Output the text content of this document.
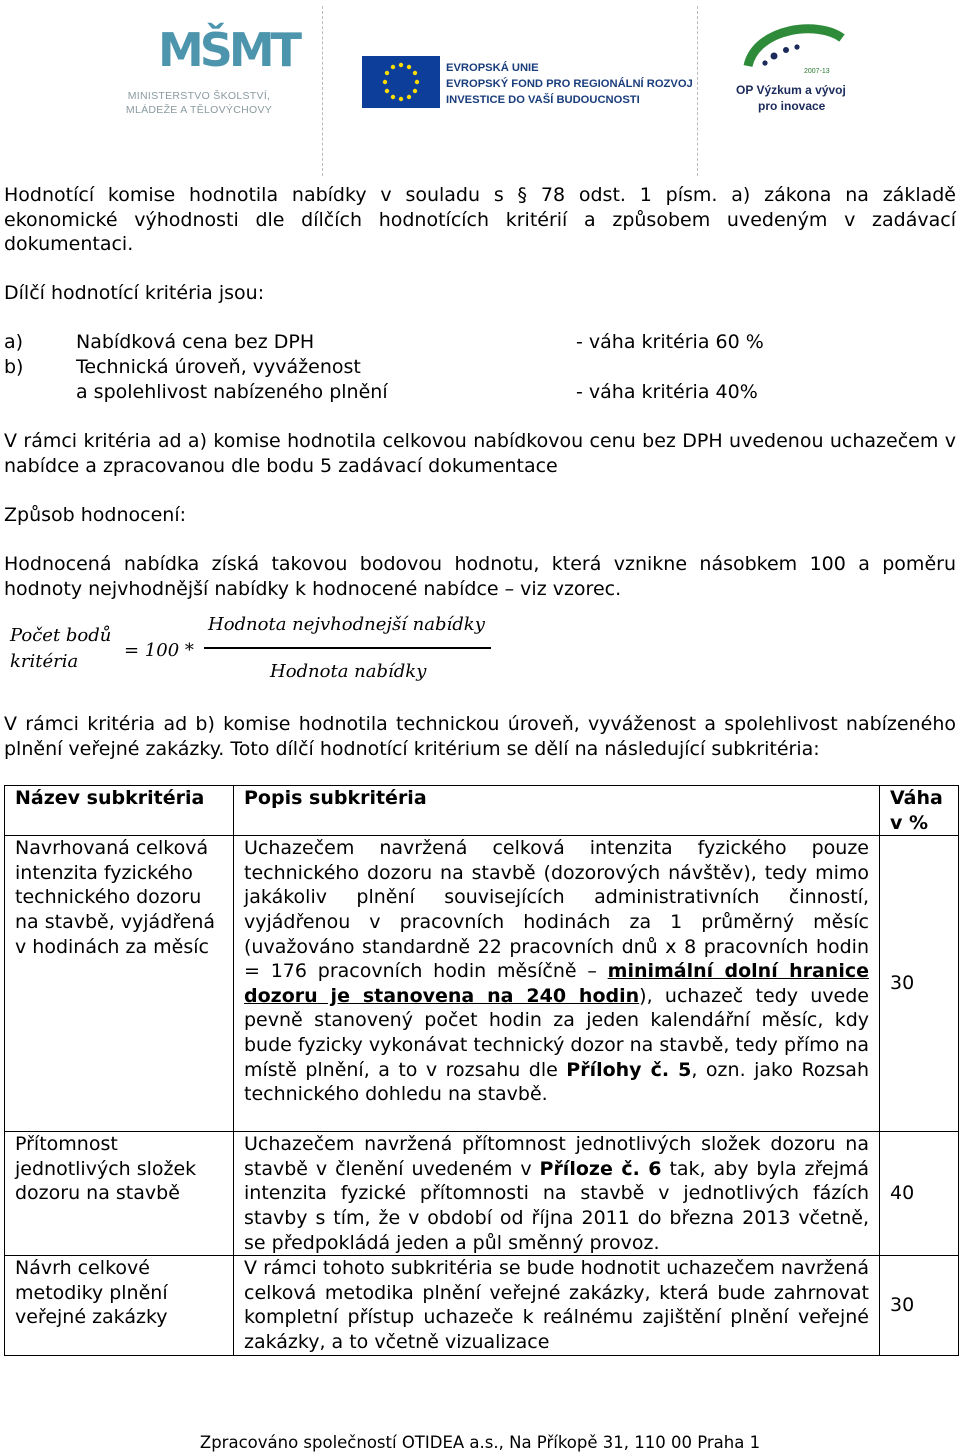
MŠMT
MINISTERSTVO ŠKOLSTVÍ,
MLÁDEŽE A TĚLOVÝCHOVY
EVROPSKÁ UNIE
EVROPSKÝ FOND PRO REGIONÁLNÍ ROZVOJ
INVESTICE DO VAŠÍ BUDOUCNOSTI
2007-13
OP Výzkum a vývoj
pro inovace
Hodnotící komise hodnotila nabídky v souladu s § 78 odst. 1 písm. a) zákona na základě ekonomické výhodnosti dle dílčích hodnotících kritérií a způsobem uvedeným v zadávací dokumentaci.
Dílčí hodnotící kritéria jsou:
a)	Nabídková cena bez DPH	- váha kritéria 60 %
b)	Technická úroveň, vyváženost
a spolehlivost nabízeného plnění	- váha kritéria 40%
V rámci kritéria ad a) komise hodnotila celkovou nabídkovou cenu bez DPH uvedenou uchazečem v nabídce a zpracovanou dle bodu 5 zadávací dokumentace
Způsob hodnocení:
Hodnocená nabídka získá takovou bodovou hodnotu, která vznikne násobkem 100 a poměru hodnoty nejvhodnější nabídky k hodnocené nabídce – viz vzorec.
Počet bodů
kritéria
= 100 *
Hodnota nejvhodnejší nabídky
Hodnota nabídky
V rámci kritéria ad b) komise hodnotila technickou úroveň, vyváženost a spolehlivost nabízeného plnění veřejné zakázky. Toto dílčí hodnotící kritérium se dělí na následující subkritéria:
Název subkritéria	Popis subkritéria	Váha v %
Navrhovaná celková intenzita fyzického technického dozoru na stavbě, vyjádřená v hodinách za měsíc	Uchazečem navržená celková intenzita fyzického pouze technického dozoru na stavbě (dozorových návštěv), tedy mimo jakákoliv plnění souvisejících administrativních činností, vyjádřenou v pracovních hodinách za 1 průměrný měsíc (uvažováno standardně 22 pracovních dnů x 8 pracovních hodin = 176 pracovních hodin měsíčně – minimální dolní hranice dozoru je stanovena na 240 hodin), uchazeč tedy uvede pevně stanovený počet hodin za jeden kalendářní měsíc, kdy bude fyzicky vykonávat technický dozor na stavbě, tedy přímo na místě plnění, a to v rozsahu dle Přílohy č. 5, ozn. jako Rozsah technického dohledu na stavbě.	30
Přítomnost jednotlivých složek dozoru na stavbě	Uchazečem navržená přítomnost jednotlivých složek dozoru na stavbě v členění uvedeném v Příloze č. 6 tak, aby byla zřejmá intenzita fyzické přítomnosti na stavbě v jednotlivých fázích stavby s tím, že v období od října 2011 do března 2013 včetně, se předpokládá jeden a půl směnný provoz.	40
Návrh celkové metodiky plnění veřejné zakázky	V rámci tohoto subkritéria se bude hodnotit uchazečem navržená celková metodika plnění veřejné zakázky, která bude zahrnovat kompletní přístup uchazeče k reálnému zajištění plnění veřejné zakázky, a to včetně vizualizace	30
Zpracováno společností OTIDEA a.s., Na Příkopě 31, 110 00 Praha 1
